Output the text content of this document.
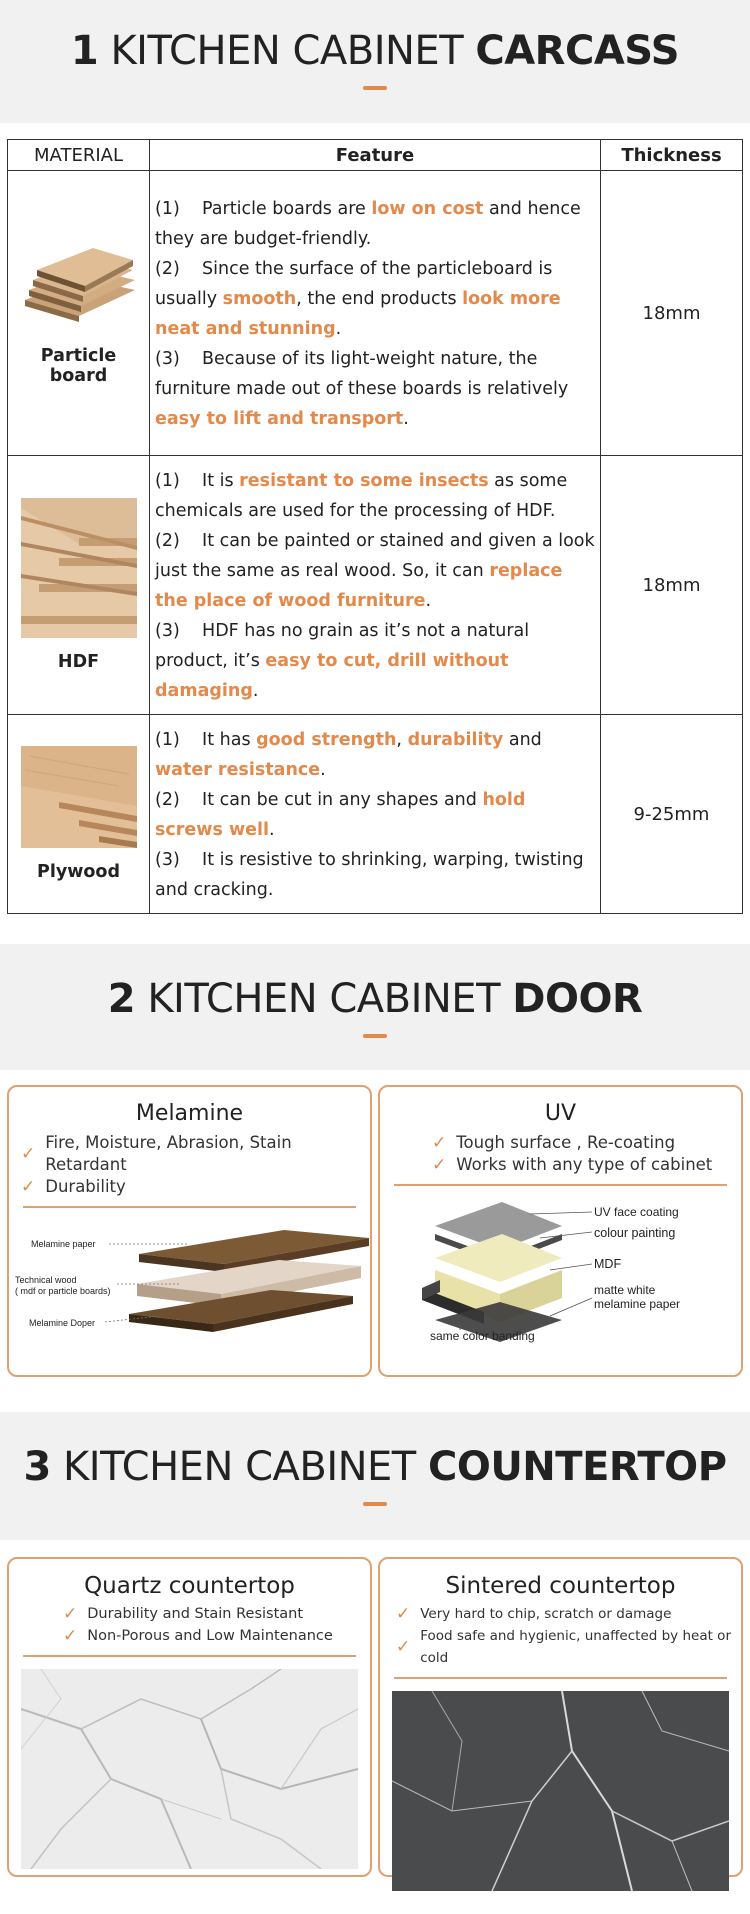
1 KITCHEN CABINET CARCASS
MATERIAL	Feature	Thickness

Particle board	(1)    Particle boards are low on cost and hence they are budget-friendly.
(2)    Since the surface of the particleboard is usually smooth, the end products look more neat and stunning.
(3)    Because of its light-weight nature, the furniture made out of these boards is relatively easy to lift and transport.	18mm

HDF	(1)    It is resistant to some insects as some chemicals are used for the processing of HDF.
(2)    It can be painted or stained and given a look just the same as real wood. So, it can replace the place of wood furniture.
(3)    HDF has no grain as it’s not a natural product, it’s easy to cut, drill without damaging.	18mm

Plywood	(1)    It has good strength, durability and water resistance.
(2)    It can be cut in any shapes and hold screws well.
(3)    It is resistive to shrinking, warping, twisting and cracking.	9-25mm
2 KITCHEN CABINET DOOR
Melamine
✓
Fire, Moisture, Abrasion, Stain Retardant
✓ Durability
Melamine paper
Technical wood
( mdf or particle boards)
Melamine Doper
UV
✓ Tough surface , Re-coating
✓ Works with any type of cabinet
UV face coating
colour painting
MDF
matte white
melamine paper
same color banding
3 KITCHEN CABINET COUNTERTOP
Quartz countertop
✓ Durability and Stain Resistant
✓ Non-Porous and Low Maintenance
Sintered countertop
✓ Very hard to chip, scratch or damage
✓
Food safe and hygienic, unaffected by heat or cold
